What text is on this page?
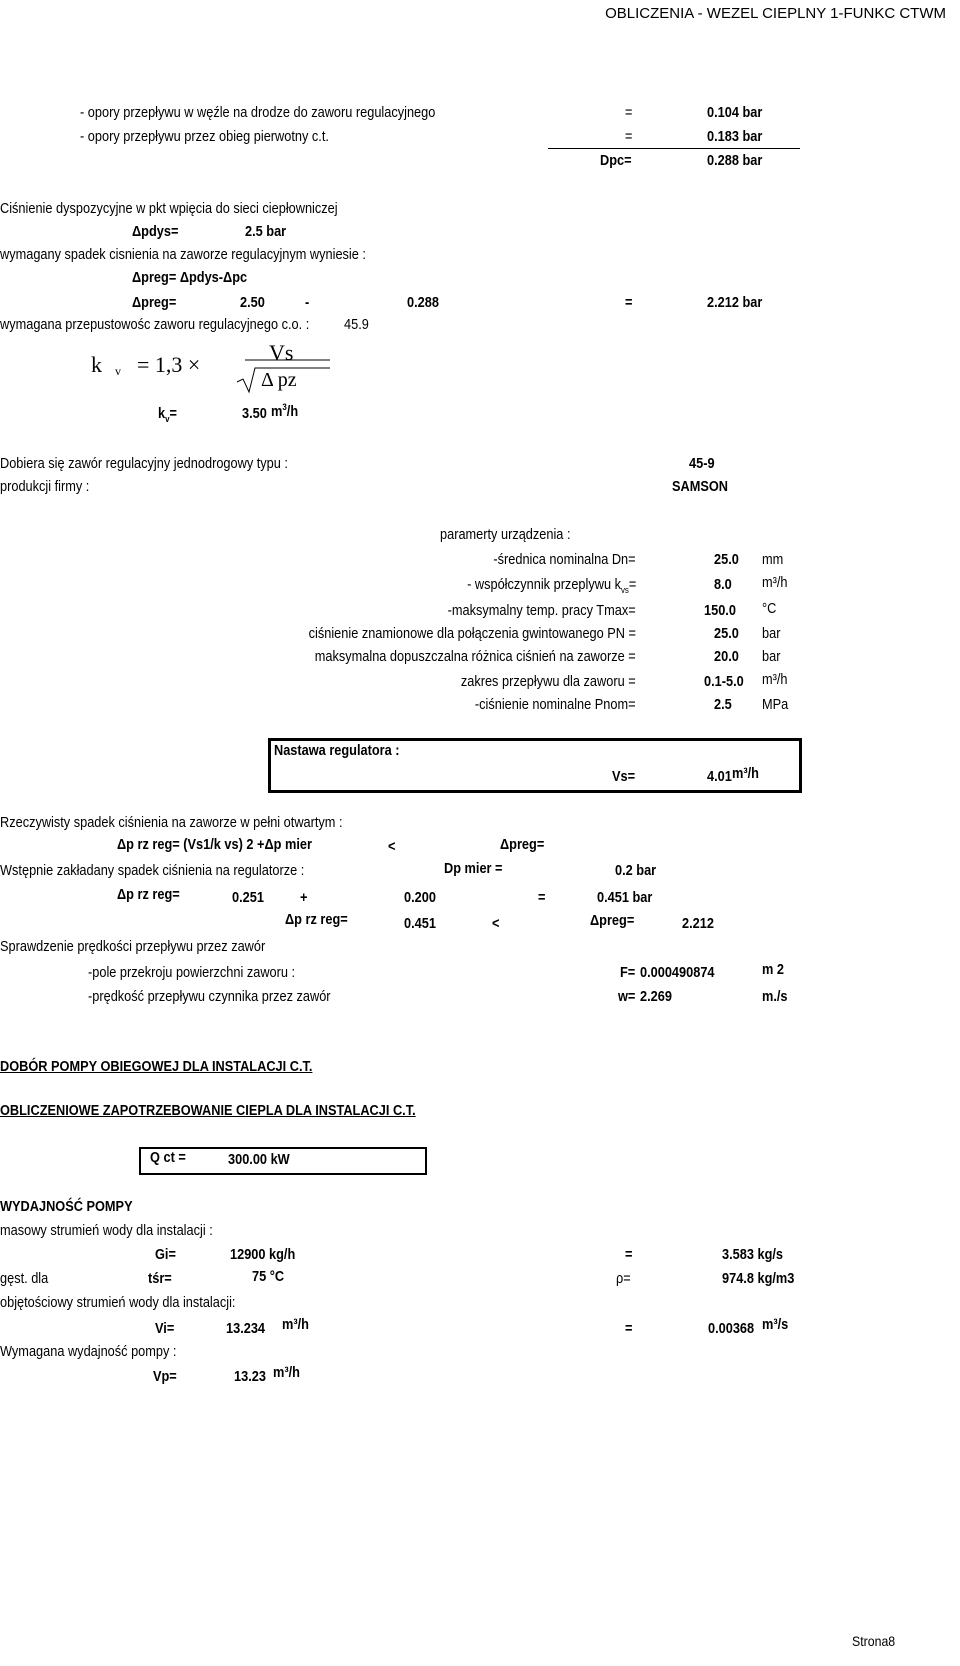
OBLICZENIA - WEZEL CIEPLNY 1-FUNKC CTWM
- opory przepływu w węźle na drodze do zaworu regulacyjnego	=	0.104 bar
- opory przepływu przez obieg pierwotny c.t.	=	0.183 bar
Dpc=	0.288 bar
Ciśnienie dyspozycyjne w pkt wpięcia do sieci ciepłowniczej
Δpdys=	2.5 bar
wymagany spadek cisnienia na zaworze regulacyjnym wyniesie :
Δpreg= Δpdys-Δpc
Δpreg=	2.50	-	0.288	=	2.212 bar
wymagana przepustowośc zaworu regulacyjnego c.o. : 45.9
k v = 1,3 ×	Vs
Δ pz
$k_v=$	3.50 $m^3/h$
Dobiera się zawór regulacyjny jednodrogowy typu :	45-9
produkcji firmy :	SAMSON
paramerty urządzenia :
-średnica nominalna Dn=	25.0 mm
- współczynnik przeplywu $k_{vs}=$	8.0 m³/h
-maksymalny temp. pracy Tmax=	150.0 °C
ciśnienie znamionowe dla połączenia gwintowanego PN =	25.0 bar
maksymalna dopuszczalna różnica ciśnień na zaworze =	20.0 bar
zakres przepływu dla zaworu =	0.1-5.0 m³/h
-ciśnienie nominalne Pnom=	2.5 MPa
Nastawa regulatora :
Vs=	4.01 m³/h
Rzeczywisty spadek ciśnienia na zaworze w pełni otwartym :
Δp rz reg= (Vs1/k vs) 2 +Δp mier	<	Δpreg=
Wstępnie zakładany spadek ciśnienia na regulatorze :	Dp mier =	0.2 bar
Δp rz reg=	0.251 +	0.200	=	0.451 bar
Δp rz reg=	0.451	<	Δpreg=	2.212
Sprawdzenie prędkości przepływu przez zawór
-pole przekroju powierzchni zaworu :	F= 0.000490874	m 2
-prędkość przepływu czynnika przez zawór	w= 2.269	m./s
DOBÓR POMPY OBIEGOWEJ DLA INSTALACJI C.T.
OBLICZENIOWE ZAPOTRZEBOWANIE CIEPLA DLA INSTALACJI C.T.
Q ct =	300.00 kW
WYDAJNOŚĆ POMPY
masowy strumień wody dla instalacji :
Gi=	12900 kg/h	=	3.583 kg/s
gęst. dla	tśr=	75 °C	ρ=	974.8 kg/m3
objętościowy strumień wody dla instalacji:
Vi=	13.234 m³/h	=	0.00368 m³/s
Wymagana wydajność pompy :
Vp=	13.23 m³/h
Strona8
